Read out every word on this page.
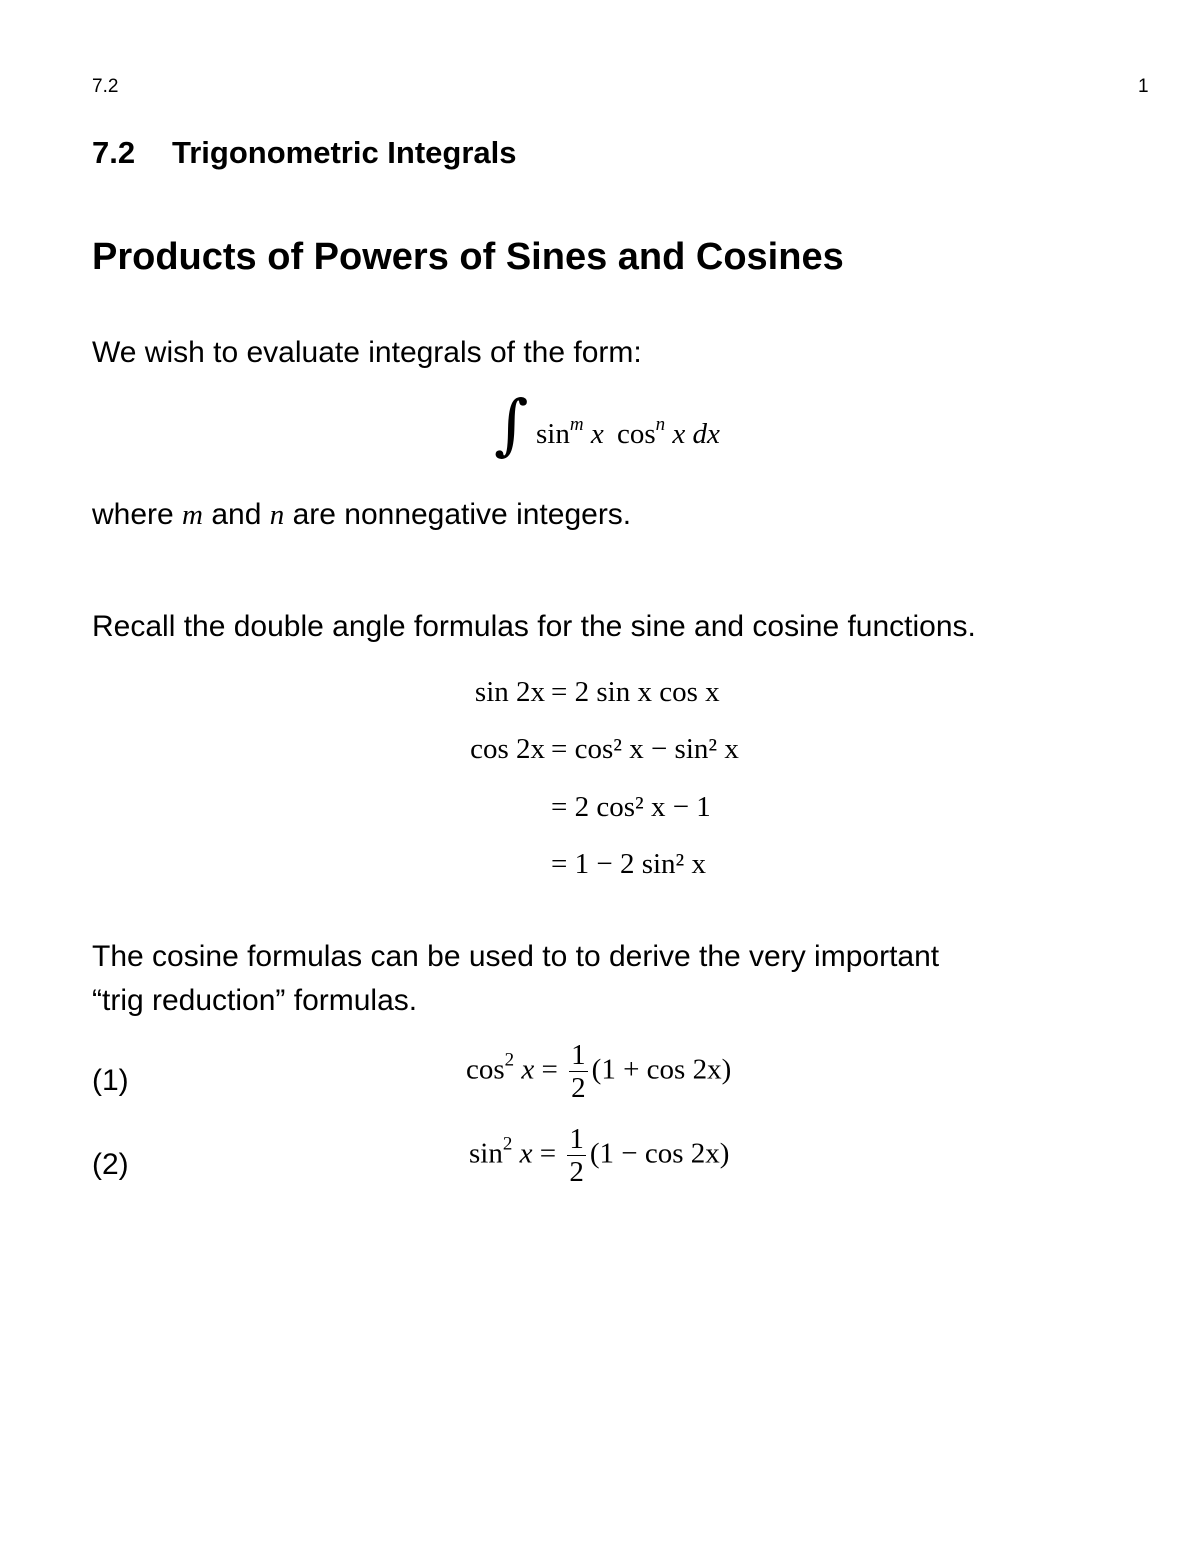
7.2	1
7.2 Trigonometric Integrals
Products of Powers of Sines and Cosines
We wish to evaluate integrals of the form:
∫ $\sin^m x$ $\cos^n x$ dx
where m and n are nonnegative integers.
Recall the double angle formulas for the sine and cosine functions.
sin 2x = 2 sin x cos x
cos 2x = cos² x − sin² x
= 2 cos² x − 1
= 1 − 2 sin² x
The cosine formulas can be used to to derive the very important
“trig reduction” formulas.
(1)	$\cos^2 x = \frac{1}{2} (1 + \cos 2x)$
(2)	$\sin^2 x = \frac{1}{2} (1 - \cos 2x)$
